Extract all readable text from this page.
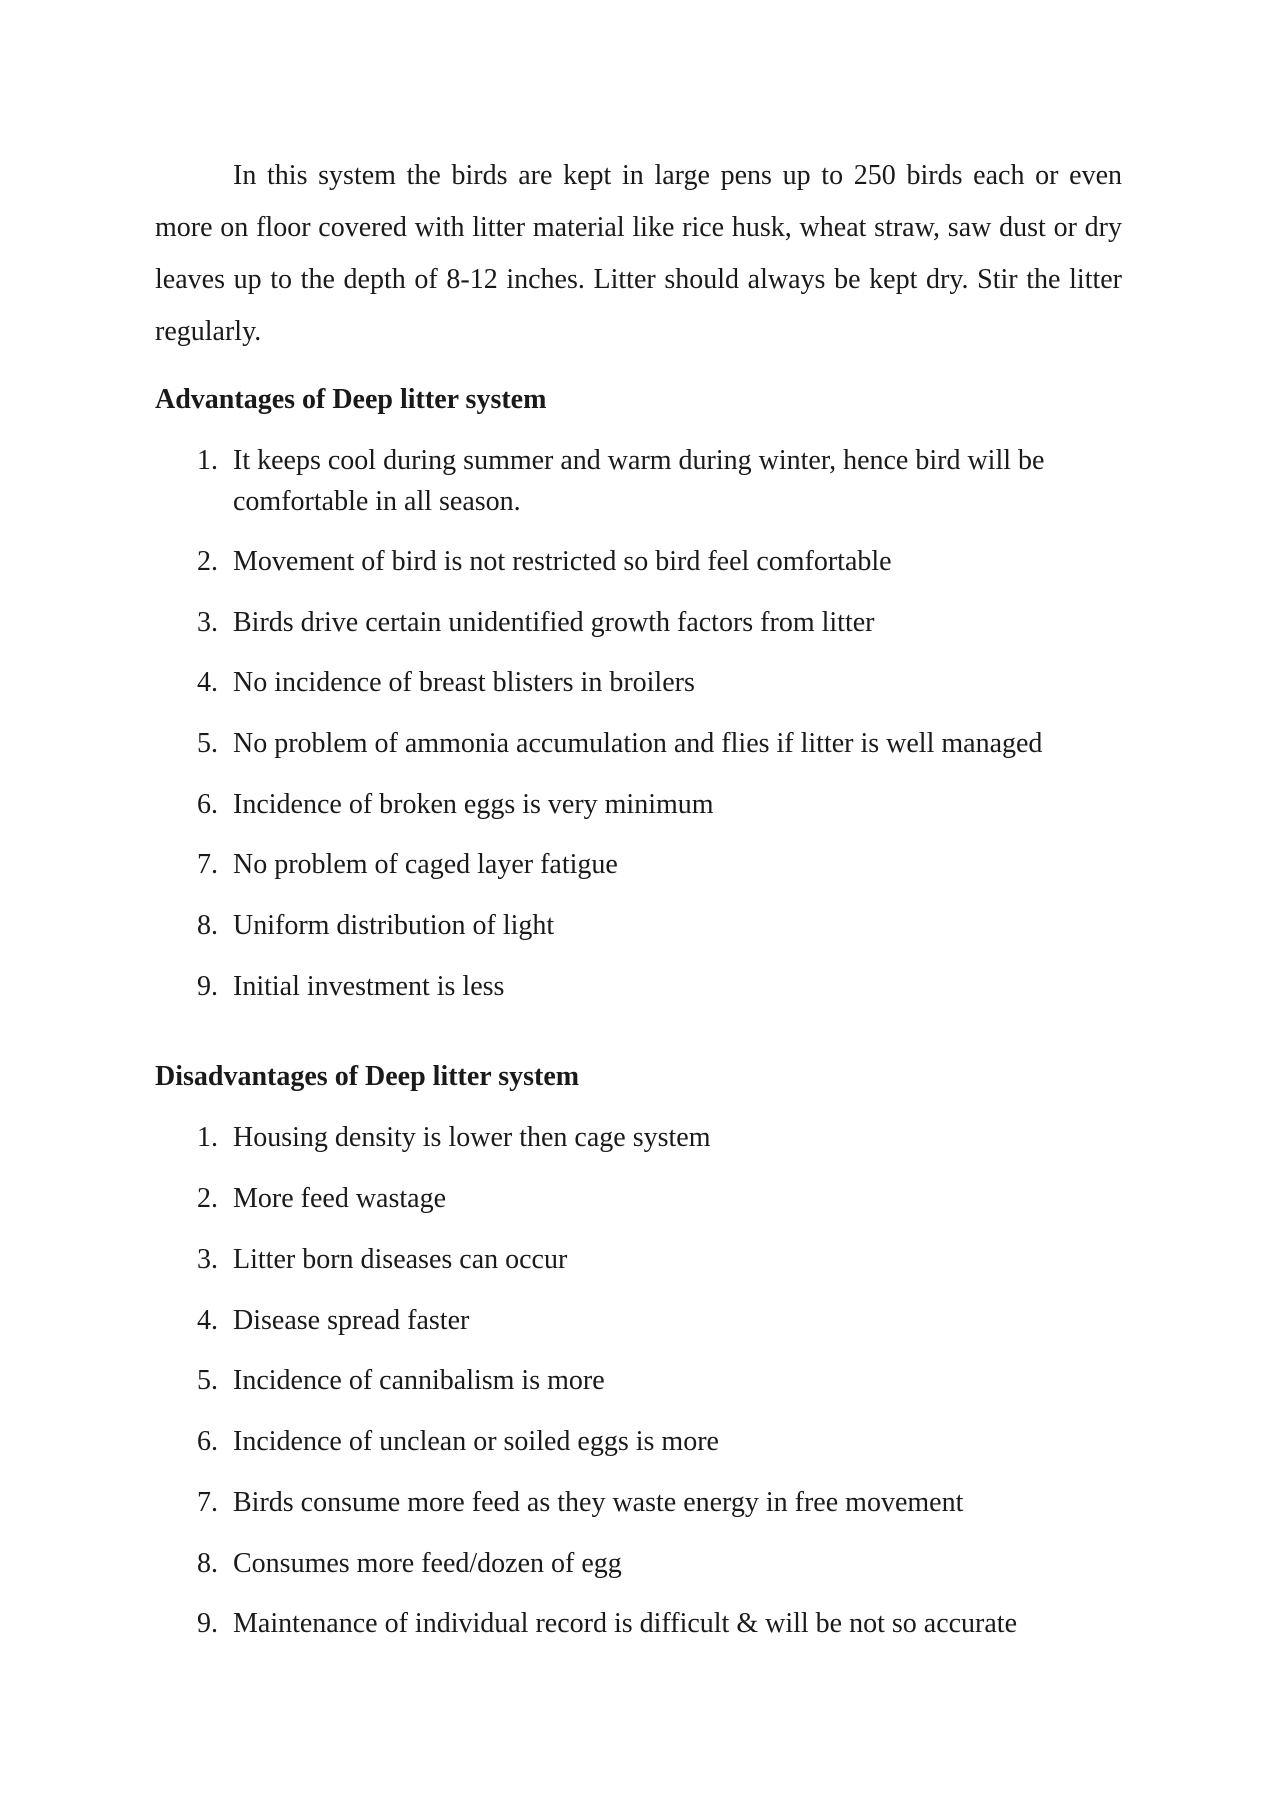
In this system the birds are kept in large pens up to 250 birds each or even more on floor covered with litter material like rice husk, wheat straw, saw dust or dry leaves up to the depth of 8-12 inches. Litter should always be kept dry. Stir the litter regularly.

Advantages of Deep litter system
1. It keeps cool during summer and warm during winter, hence bird will be comfortable in all season.
2. Movement of bird is not restricted so bird feel comfortable
3. Birds drive certain unidentified growth factors from litter
4. No incidence of breast blisters in broilers
5. No problem of ammonia accumulation and flies if litter is well managed
6. Incidence of broken eggs is very minimum
7. No problem of caged layer fatigue
8. Uniform distribution of light
9. Initial investment is less
Disadvantages of Deep litter system
1. Housing density is lower then cage system
2. More feed wastage
3. Litter born diseases can occur
4. Disease spread faster
5. Incidence of cannibalism is more
6. Incidence of unclean or soiled eggs is more
7. Birds consume more feed as they waste energy in free movement
8. Consumes more feed/dozen of egg
9. Maintenance of individual record is difficult & will be not so accurate
